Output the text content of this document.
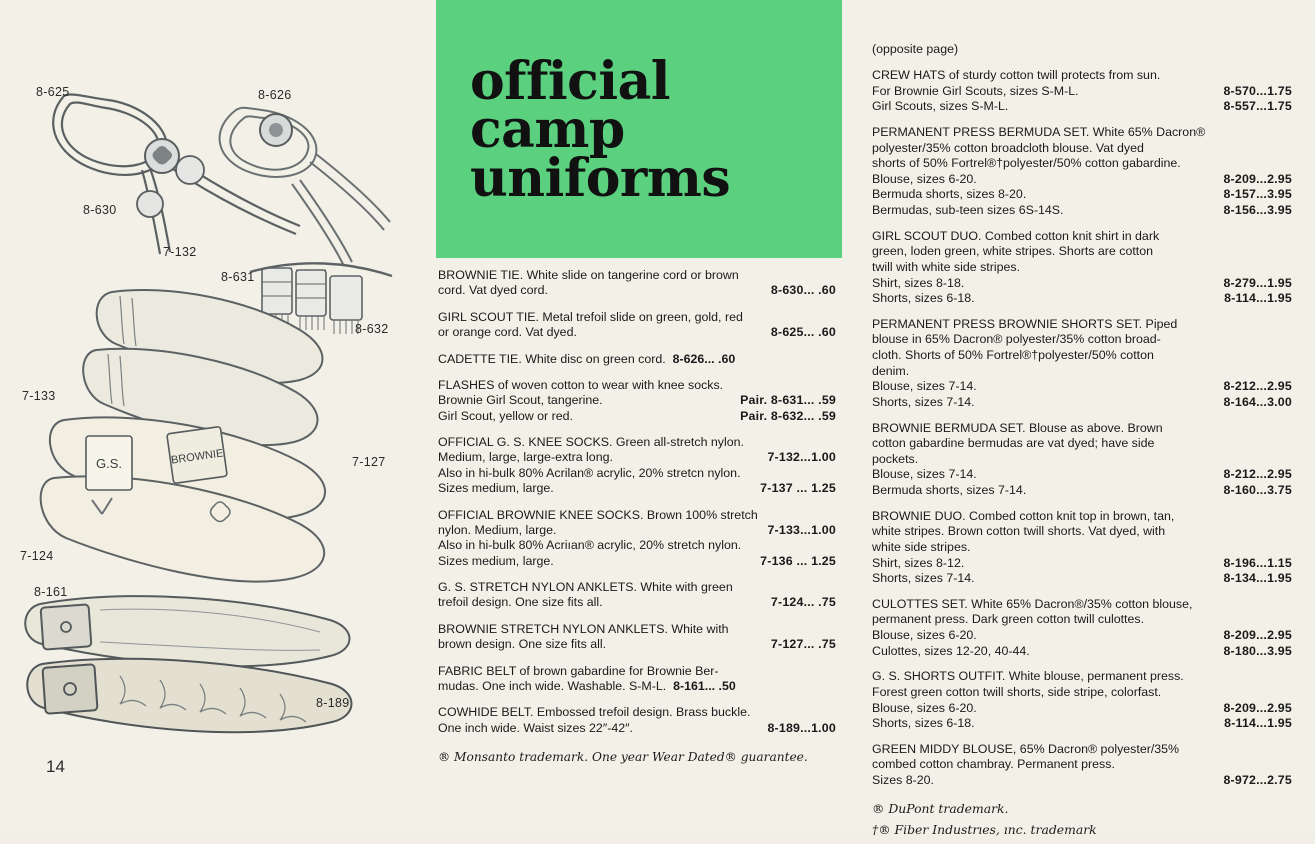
G.S.	BROWNIE
8-625	8-626
8-630
7-132
8-631
8-632
7-133
7-127
7-124
8-161
8-189
14
official
camp
uniforms
BROWNIE TIE. White slide on tangerine cord or brown
cord. Vat dyed cord.	8-630... .60
GIRL SCOUT TIE. Metal trefoil slide on green, gold, red
or orange cord. Vat dyed.	8-625... .60
CADETTE TIE. White disc on green cord. 8-626... .60
FLASHES of woven cotton to wear with knee socks.
Brownie Girl Scout, tangerine.	Pair. 8-631... .59
Girl Scout, yellow or red.	Pair. 8-632... .59
OFFICIAL G. S. KNEE SOCKS. Green all-stretch nylon.
Medium, large, large-extra long.	7-132...1.00
Also in hi-bulk 80% Acrilan® acrylic, 20% stretcn nylon.
Sizes medium, large.	7-137 ... 1.25
OFFICIAL BROWNIE KNEE SOCKS. Brown 100% stretch
nylon. Medium, large.	7-133...1.00
Also in hi-bulk 80% Acriıan® acrylic, 20% stretch nylon.
Sizes medium, large.	7-136 ... 1.25
G. S. STRETCH NYLON ANKLETS. White with green
trefoil design. One size fits all.	7-124... .75
BROWNIE STRETCH NYLON ANKLETS. White with
brown design. One size fits all.	7-127... .75
FABRIC BELT of brown gabardine for Brownie Ber-
mudas. One inch wide. Washable. S-M-L. 8-161... .50
COWHIDE BELT. Embossed trefoil design. Brass buckle.
One inch wide. Waist sizes 22″-42″.	8-189...1.00
® Monsanto trademark. One year Wear Dated® guarantee.
(opposite page)
CREW HATS of sturdy cotton twill protects from sun.
For Brownie Girl Scouts, sizes S-M-L.	8-570...1.75
Girl Scouts, sizes S-M-L.	8-557...1.75
PERMANENT PRESS BERMUDA SET. White 65% Dacron®
polyester/35% cotton broadcloth blouse. Vat dyed
shorts of 50% Fortrel®†polyester/50% cotton gabardine.
Blouse, sizes 6-20.	8-209...2.95
Bermuda shorts, sizes 8-20.	8-157...3.95
Bermudas, sub-teen sizes 6S-14S.	8-156...3.95
GIRL SCOUT DUO. Combed cotton knit shirt in dark
green, loden green, white stripes. Shorts are cotton
twill with white side stripes.
Shirt, sizes 8-18.	8-279...1.95
Shorts, sizes 6-18.	8-114...1.95
PERMANENT PRESS BROWNIE SHORTS SET. Piped
blouse in 65% Dacron® polyester/35% cotton broad-
cloth. Shorts of 50% Fortrel®†polyester/50% cotton
denim.
Blouse, sizes 7-14.	8-212...2.95
Shorts, sizes 7-14.	8-164...3.00
BROWNIE BERMUDA SET. Blouse as above. Brown
cotton gabardine bermudas are vat dyed; have side
pockets.
Blouse, sizes 7-14.	8-212...2.95
Bermuda shorts, sizes 7-14.	8-160...3.75
BROWNIE DUO. Combed cotton knit top in brown, tan,
white stripes. Brown cotton twill shorts. Vat dyed, with
white side stripes.
Shirt, sizes 8-12.	8-196...1.15
Shorts, sizes 7-14.	8-134...1.95
CULOTTES SET. White 65% Dacron®/35% cotton blouse,
permanent press. Dark green cotton twill culottes.
Blouse, sizes 6-20.	8-209...2.95
Culottes, sizes 12-20, 40-44.	8-180...3.95
G. S. SHORTS OUTFIT. White blouse, permanent press.
Forest green cotton twill shorts, side stripe, colorfast.
Blouse, sizes 6-20.	8-209...2.95
Shorts, sizes 6-18.	8-114...1.95
GREEN MIDDY BLOUSE, 65% Dacron® polyester/35%
combed cotton chambray. Permanent press.
Sizes 8-20.	8-972...2.75
® DuPont trademark.
†® Fiber Industrıes, ınc. trademark
